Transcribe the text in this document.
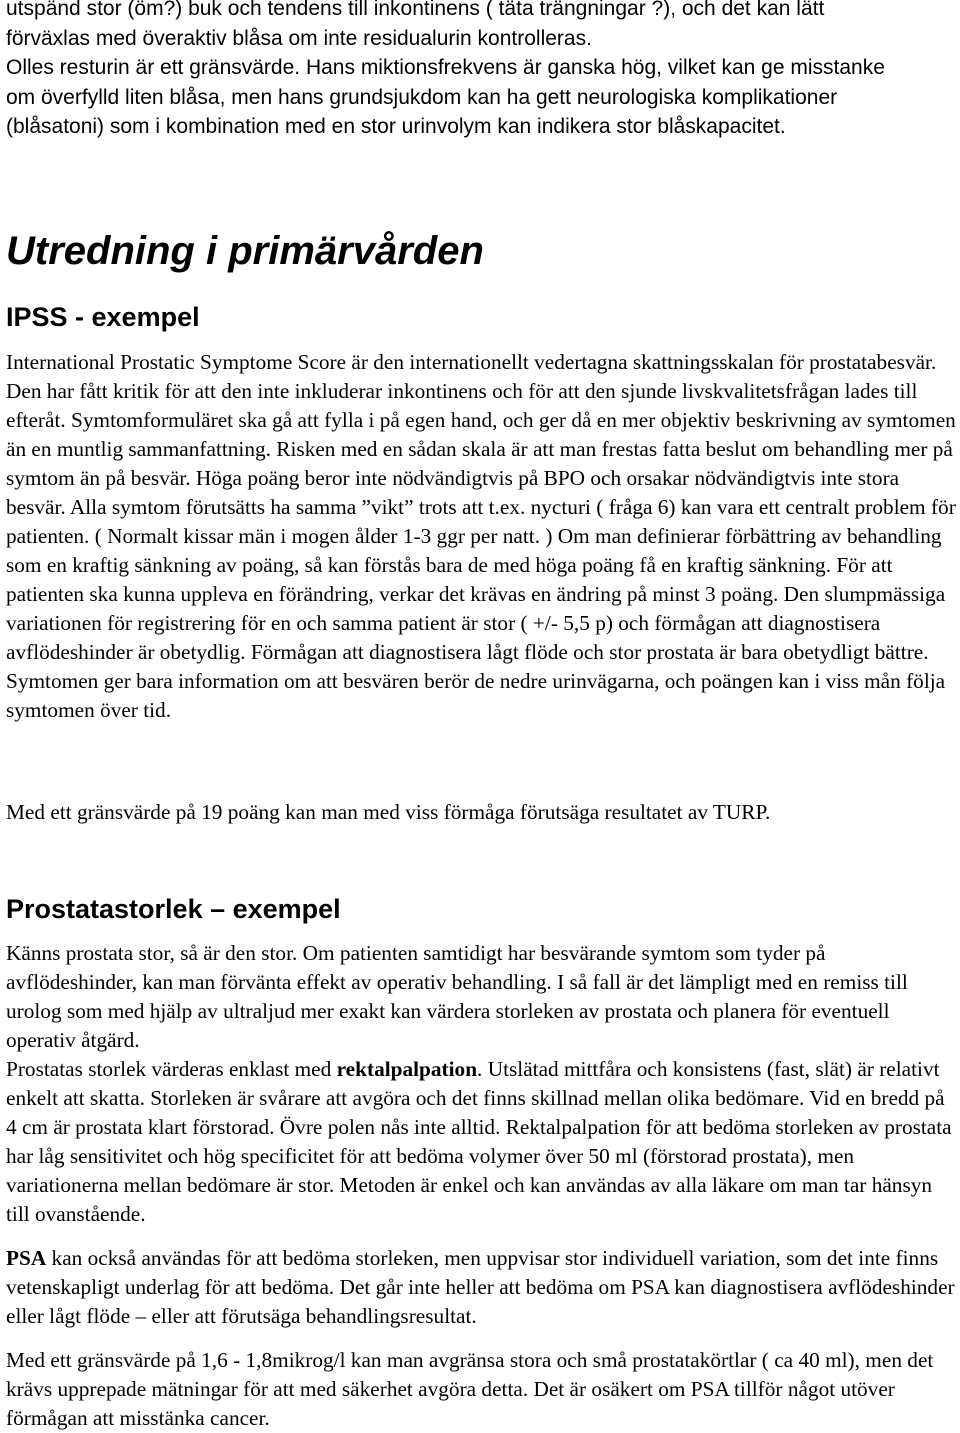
utspänd stor (öm?) buk och tendens till inkontinens ( täta trängningar ?), och det kan lätt
förväxlas med överaktiv blåsa om inte residualurin kontrolleras.
Olles resturin är ett gränsvärde. Hans miktionsfrekvens är ganska hög, vilket kan ge misstanke
om överfylld liten blåsa, men hans grundsjukdom kan ha gett neurologiska komplikationer
(blåsatoni) som i kombination med en stor urinvolym kan indikera stor blåskapacitet.
Utredning i primärvården
IPSS - exempel

International Prostatic Symptome Score är den internationellt vedertagna skattningsskalan för prostatabesvär. Den har fått kritik för att den inte inkluderar inkontinens och för att den sjunde livskvalitetsfrågan lades till efteråt. Symtomformuläret ska gå att fylla i på egen hand, och ger då en mer objektiv beskrivning av symtomen än en muntlig sammanfattning. Risken med en sådan skala är att man frestas fatta beslut om behandling mer på symtom än på besvär. Höga poäng beror inte nödvändigtvis på BPO och orsakar nödvändigtvis inte stora besvär. Alla symtom förutsätts ha samma ”vikt” trots att t.ex. nycturi ( fråga 6) kan vara ett centralt problem för patienten. ( Normalt kissar män i mogen ålder 1-3 ggr per natt. ) Om man definierar förbättring av behandling som en kraftig sänkning av poäng, så kan förstås bara de med höga poäng få en kraftig sänkning. För att patienten ska kunna uppleva en förändring, verkar det krävas en ändring på minst 3 poäng. Den slumpmässiga variationen för registrering för en och samma patient är stor ( +/- 5,5 p) och förmågan att diagnostisera avflödeshinder är obetydlig. Förmågan att diagnostisera lågt flöde och stor prostata är bara obetydligt bättre. Symtomen ger bara information om att besvären berör de nedre urinvägarna, och poängen kan i viss mån följa symtomen över tid.

Med ett gränsvärde på 19 poäng kan man med viss förmåga förutsäga resultatet av TURP.

Prostatastorlek – exempel

Känns prostata stor, så är den stor. Om patienten samtidigt har besvärande symtom som tyder på avflödeshinder, kan man förvänta effekt av operativ behandling. I så fall är det lämpligt med en remiss till urolog som med hjälp av ultraljud mer exakt kan värdera storleken av prostata och planera för eventuell operativ åtgärd.

Prostatas storlek värderas enklast med rektalpalpation. Utslätad mittfåra och konsistens (fast, slät) är relativt enkelt att skatta. Storleken är svårare att avgöra och det finns skillnad mellan olika bedömare. Vid en bredd på 4 cm är prostata klart förstorad. Övre polen nås inte alltid. Rektalpalpation för att bedöma storleken av prostata har låg sensitivitet och hög specificitet för att bedöma volymer över 50 ml (förstorad prostata), men variationerna mellan bedömare är stor. Metoden är enkel och kan användas av alla läkare om man tar hänsyn till ovanstående.

PSA kan också användas för att bedöma storleken, men uppvisar stor individuell variation, som det inte finns vetenskapligt underlag för att bedöma. Det går inte heller att bedöma om PSA kan diagnostisera avflödeshinder eller lågt flöde – eller att förutsäga behandlingsresultat.

Med ett gränsvärde på 1,6 - 1,8mikrog/l kan man avgränsa stora och små prostatakörtlar ( ca 40 ml), men det krävs upprepade mätningar för att med säkerhet avgöra detta. Det är osäkert om PSA tillför något utöver förmågan att misstänka cancer.
